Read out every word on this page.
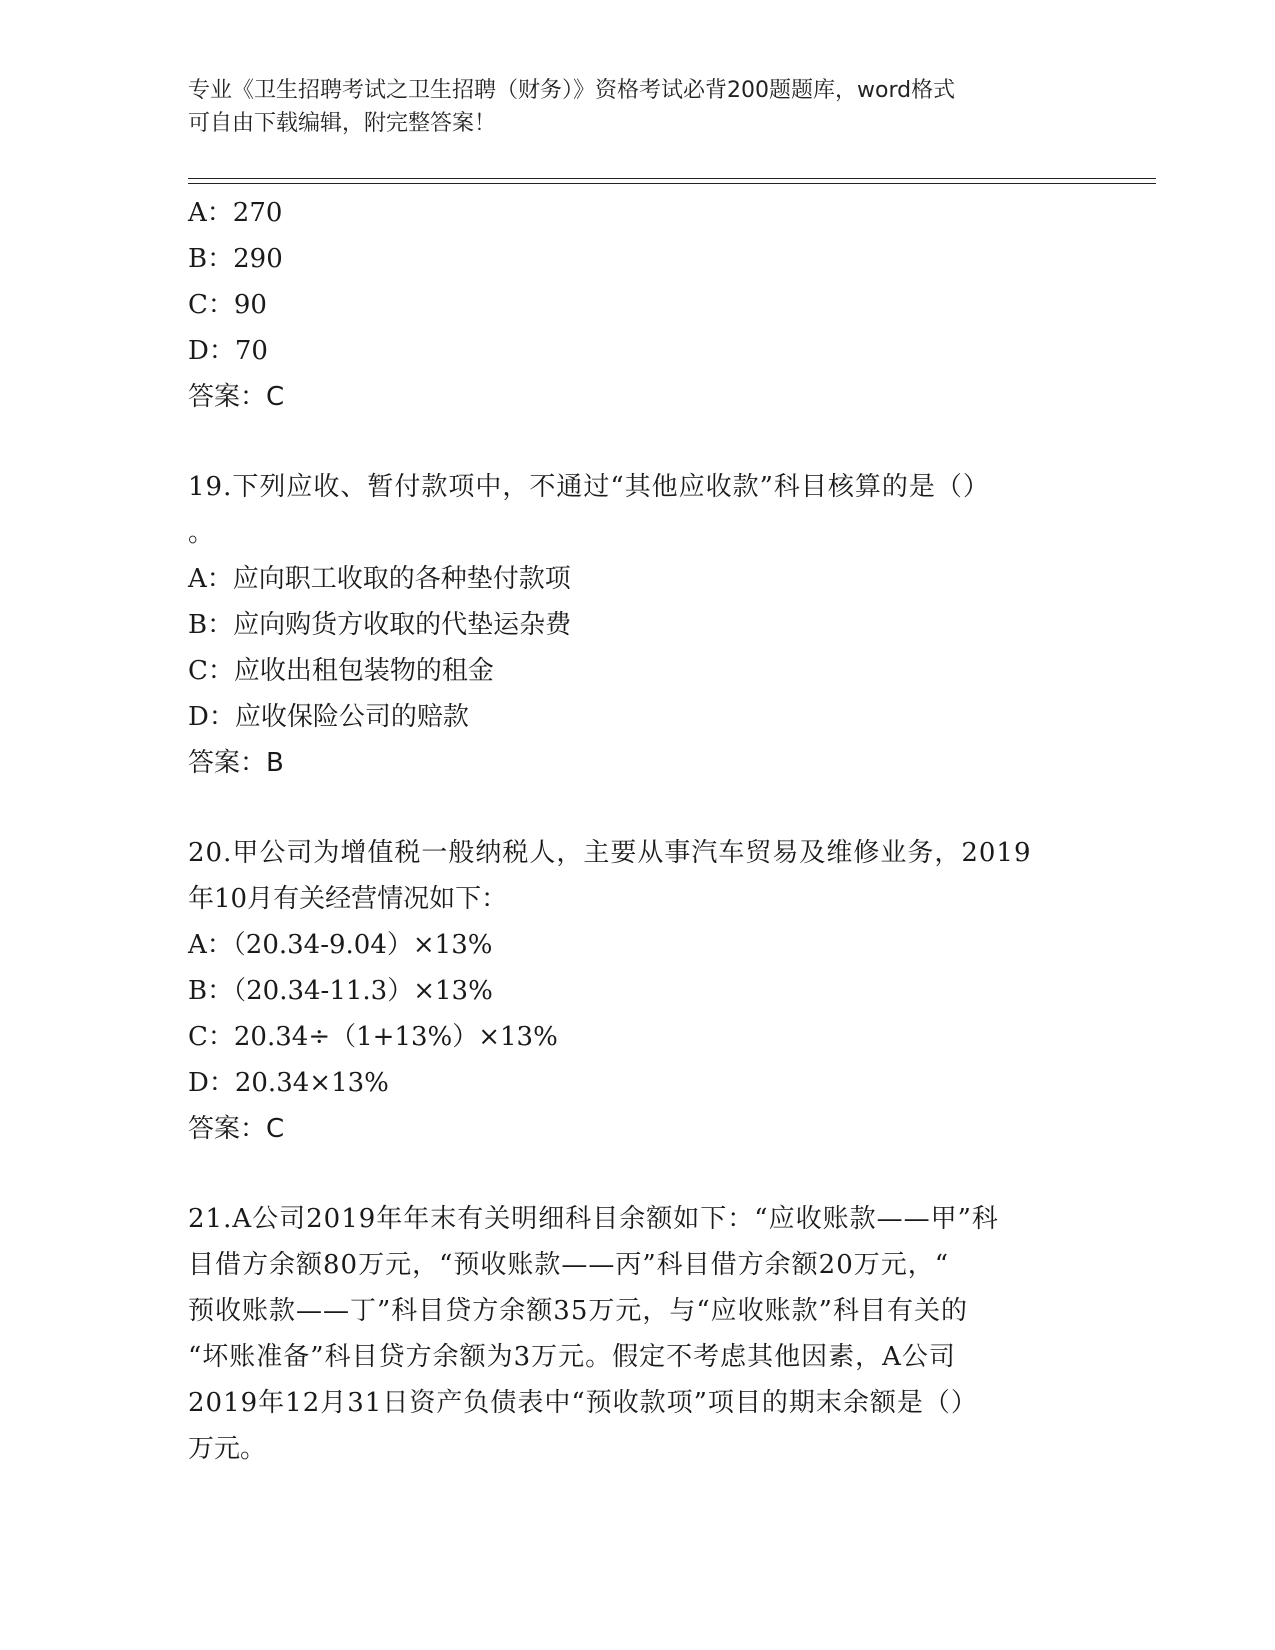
专业《卫生招聘考试之卫生招聘（财务）》资格考试必背200题题库，word格式
可自由下载编辑，附完整答案！
A：270
B：290
C：90
D：70
答案：C
19.下列应收、暂付款项中，不通过“其他应收款”科目核算的是（）
。
A：应向职工收取的各种垫付款项
B：应向购货方收取的代垫运杂费
C：应收出租包装物的租金
D：应收保险公司的赔款
答案：B
20.甲公司为增值税一般纳税人，主要从事汽车贸易及维修业务，2019
年10月有关经营情况如下：
A：（20.34-9.04）×13%
B：（20.34-11.3）×13%
C：20.34÷（1+13%）×13%
D：20.34×13%
答案：C
21.A公司2019年年末有关明细科目余额如下：“应收账款——甲”科
目借方余额80万元，“预收账款——丙”科目借方余额20万元，“
预收账款——丁”科目贷方余额35万元，与“应收账款”科目有关的
“坏账准备”科目贷方余额为3万元。假定不考虑其他因素，A公司
2019年12月31日资产负债表中“预收款项”项目的期末余额是（）
万元。
